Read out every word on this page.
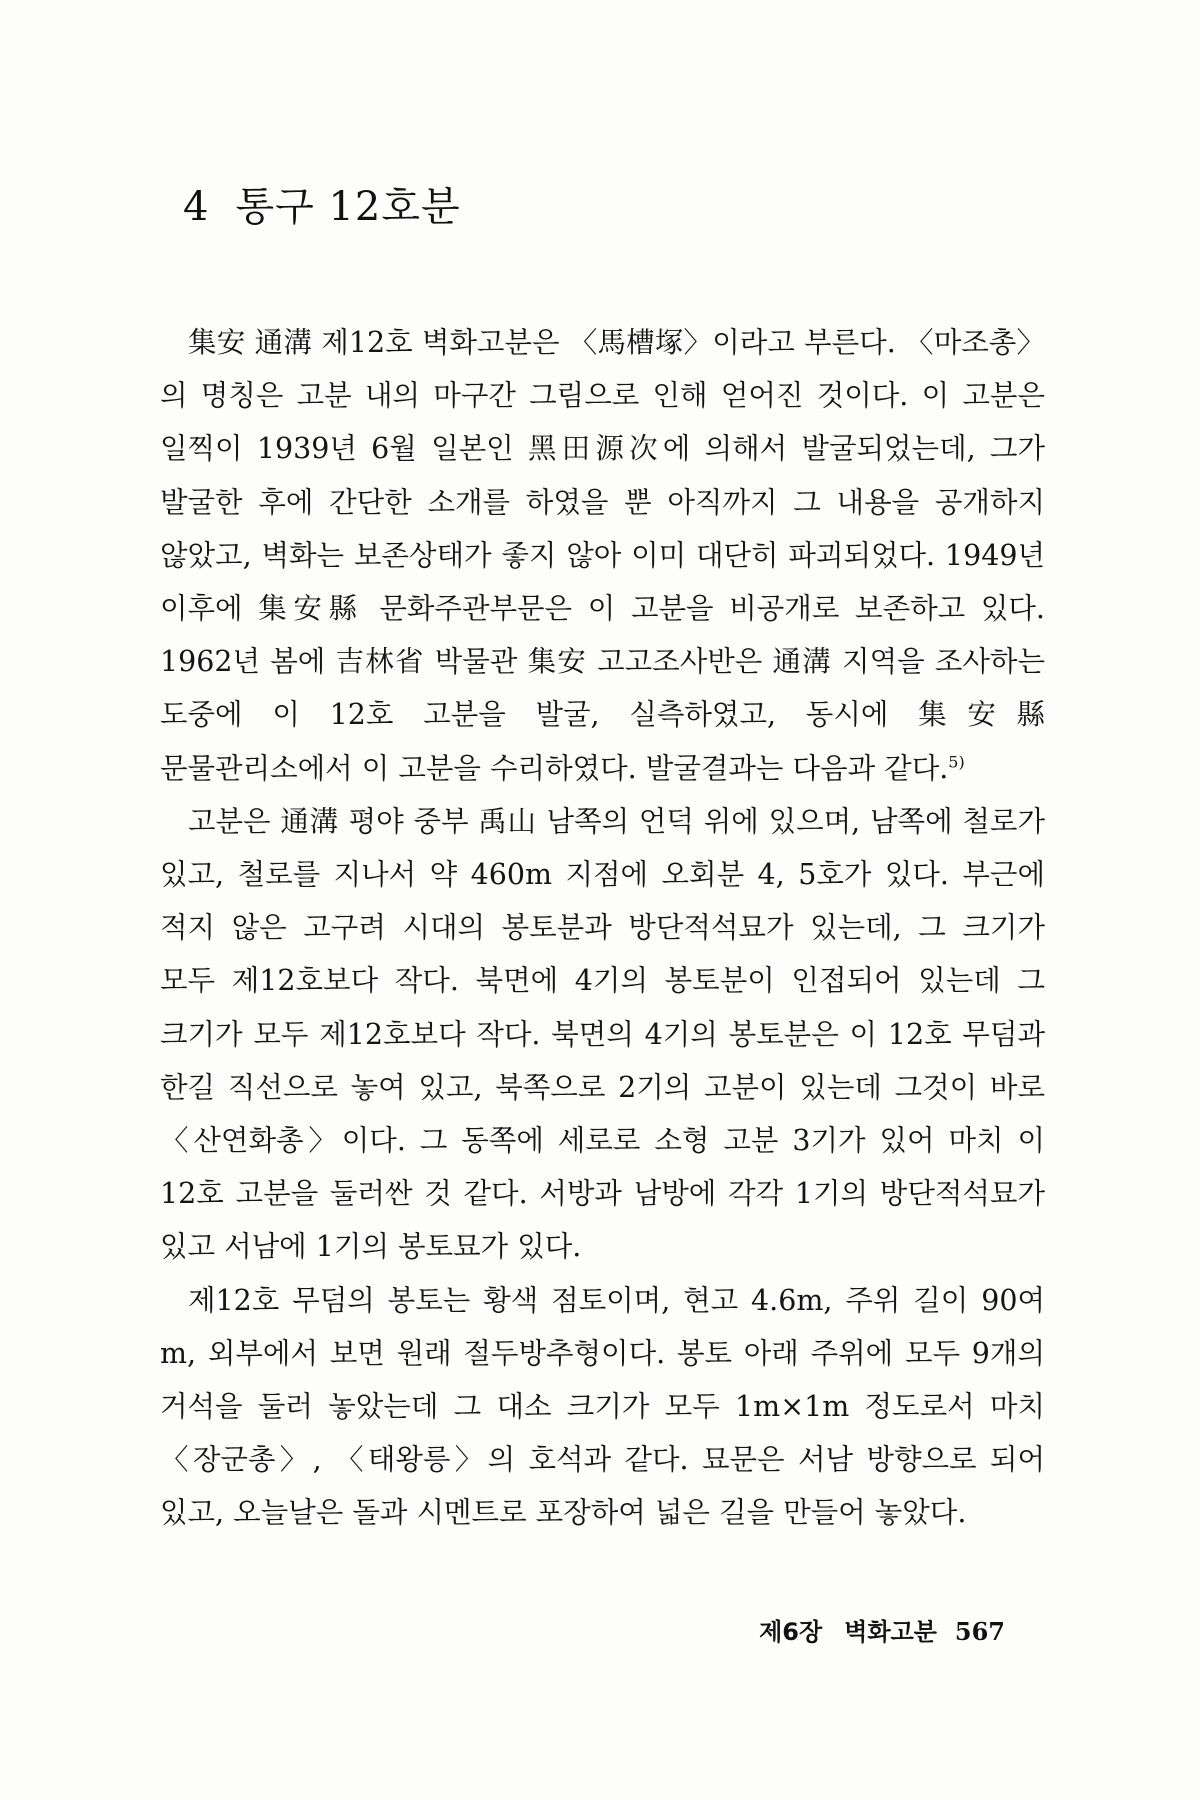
4 통구 12호분

集安 通溝 제12호 벽화고분은 〈馬槽塚〉이라고 부른다. 〈마조총〉의 명칭은 고분 내의 마구간 그림으로 인해 얻어진 것이다. 이 고분은 일찍이 1939년 6월 일본인 黑田源次에 의해서 발굴되었는데, 그가 발굴한 후에 간단한 소개를 하였을 뿐 아직까지 그 내용을 공개하지 않았고, 벽화는 보존상태가 좋지 않아 이미 대단히 파괴되었다. 1949년 이후에 集安縣 문화주관부문은 이 고분을 비공개로 보존하고 있다. 1962년 봄에 吉林省 박물관 集安 고고조사반은 通溝 지역을 조사하는 도중에 이 12호 고분을 발굴, 실측하였고, 동시에 集安縣 문물관리소에서 이 고분을 수리하였다. 발굴결과는 다음과 같다.$^{5)}$

고분은 通溝 평야 중부 禹山 남쪽의 언덕 위에 있으며, 남쪽에 철로가 있고, 철로를 지나서 약 460m 지점에 오회분 4, 5호가 있다. 부근에 적지 않은 고구려 시대의 봉토분과 방단적석묘가 있는데, 그 크기가 모두 제12호보다 작다. 북면에 4기의 봉토분이 인접되어 있는데 그 크기가 모두 제12호보다 작다. 북면의 4기의 봉토분은 이 12호 무덤과 한길 직선으로 놓여 있고, 북쪽으로 2기의 고분이 있는데 그것이 바로 〈산연화총〉이다. 그 동쪽에 세로로 소형 고분 3기가 있어 마치 이 12호 고분을 둘러싼 것 같다. 서방과 남방에 각각 1기의 방단적석묘가 있고 서남에 1기의 봉토묘가 있다.

제12호 무덤의 봉토는 황색 점토이며, 현고 4.6m, 주위 길이 90여 m, 외부에서 보면 원래 절두방추형이다. 봉토 아래 주위에 모두 9개의 거석을 둘러 놓았는데 그 대소 크기가 모두 1m×1m 정도로서 마치 〈장군총〉, 〈태왕릉〉의 호석과 같다. 묘문은 서남 방향으로 되어 있고, 오늘날은 돌과 시멘트로 포장하여 넓은 길을 만들어 놓았다.

제6장 벽화고분 567
